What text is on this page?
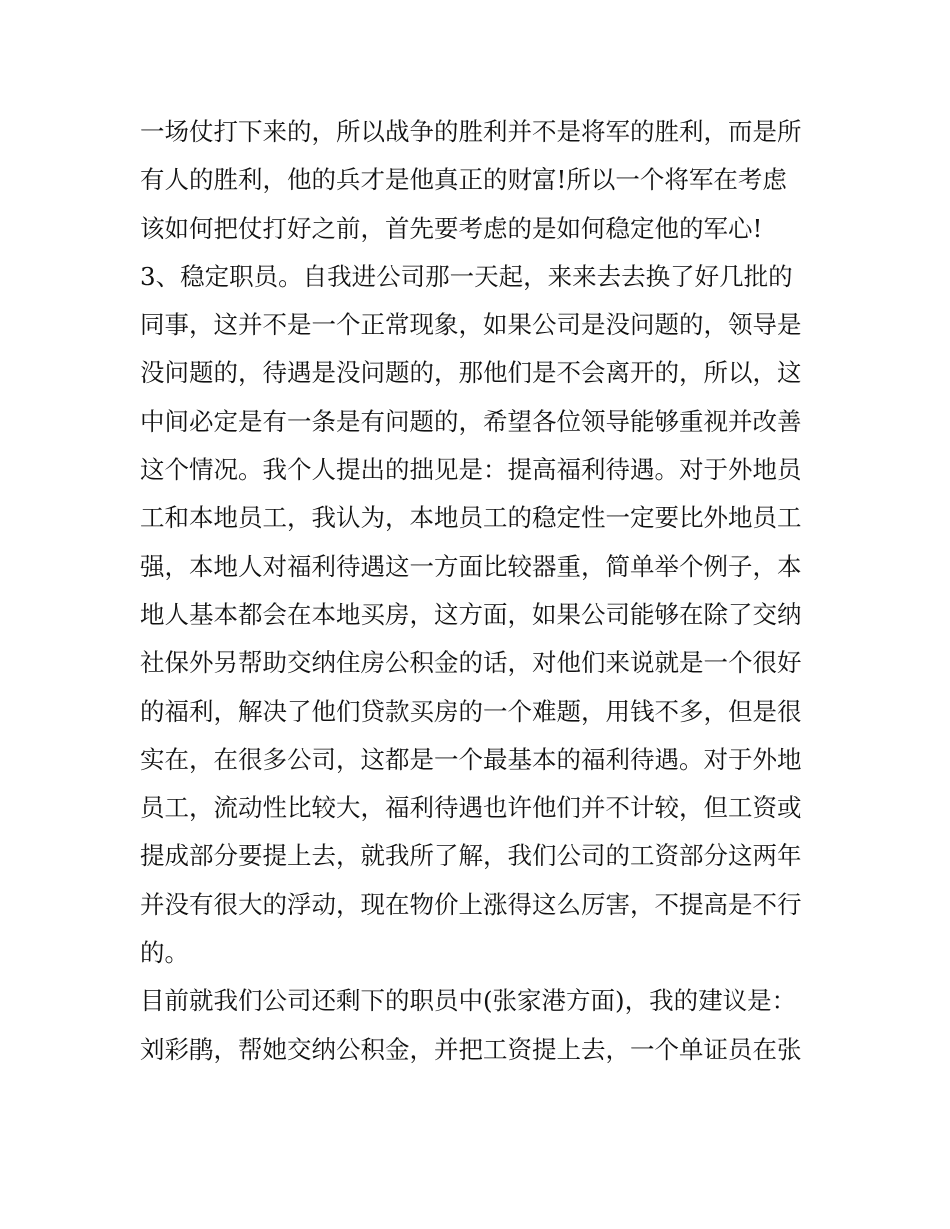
一场仗打下来的，所以战争的胜利并不是将军的胜利，而是所
有人的胜利，他的兵才是他真正的财富!所以一个将军在考虑
该如何把仗打好之前，首先要考虑的是如何稳定他的军心!
3、稳定职员。自我进公司那一天起，来来去去换了好几批的
同事，这并不是一个正常现象，如果公司是没问题的，领导是
没问题的，待遇是没问题的，那他们是不会离开的，所以，这
中间必定是有一条是有问题的，希望各位领导能够重视并改善
这个情况。我个人提出的拙见是：提高福利待遇。对于外地员
工和本地员工，我认为，本地员工的稳定性一定要比外地员工
强，本地人对福利待遇这一方面比较器重，简单举个例子，本
地人基本都会在本地买房，这方面，如果公司能够在除了交纳
社保外另帮助交纳住房公积金的话，对他们来说就是一个很好
的福利，解决了他们贷款买房的一个难题，用钱不多，但是很
实在，在很多公司，这都是一个最基本的福利待遇。对于外地
员工，流动性比较大，福利待遇也许他们并不计较，但工资或
提成部分要提上去，就我所了解，我们公司的工资部分这两年
并没有很大的浮动，现在物价上涨得这么厉害，不提高是不行
的。
目前就我们公司还剩下的职员中(张家港方面)，我的建议是：
刘彩鹃，帮她交纳公积金，并把工资提上去，一个单证员在张
